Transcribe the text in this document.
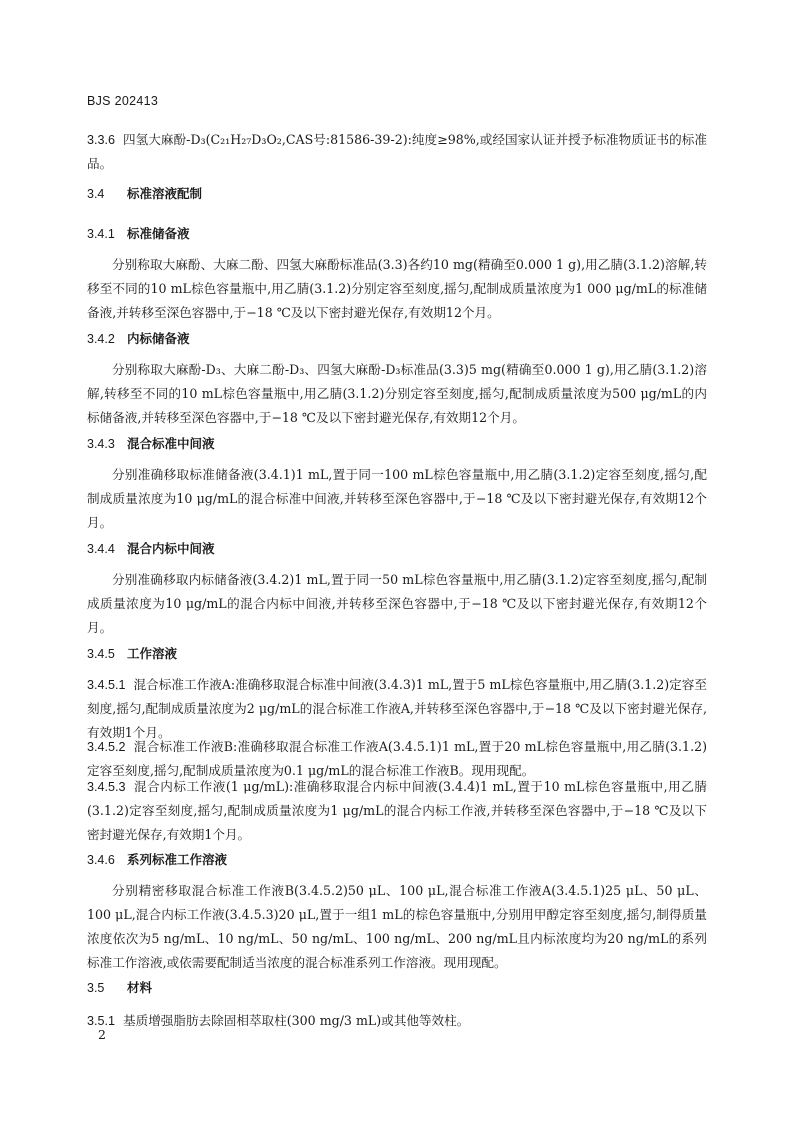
BJS 202413
3.3.6 四氢大麻酚-D₃(C₂₁H₂₇D₃O₂,CAS号:81586-39-2):纯度≥98%,或经国家认证并授予标准物质证书的标准品。
3.4 标准溶液配制
3.4.1 标准储备液
分别称取大麻酚、大麻二酚、四氢大麻酚标准品(3.3)各约10 mg(精确至0.000 1 g),用乙腈(3.1.2)溶解,转移至不同的10 mL棕色容量瓶中,用乙腈(3.1.2)分别定容至刻度,摇匀,配制成质量浓度为1 000 μg/mL的标准储备液,并转移至深色容器中,于−18 ℃及以下密封避光保存,有效期12个月。
3.4.2 内标储备液
分别称取大麻酚-D₃、大麻二酚-D₃、四氢大麻酚-D₃标准品(3.3)5 mg(精确至0.000 1 g),用乙腈(3.1.2)溶解,转移至不同的10 mL棕色容量瓶中,用乙腈(3.1.2)分别定容至刻度,摇匀,配制成质量浓度为500 μg/mL的内标储备液,并转移至深色容器中,于−18 ℃及以下密封避光保存,有效期12个月。
3.4.3 混合标准中间液
分别准确移取标准储备液(3.4.1)1 mL,置于同一100 mL棕色容量瓶中,用乙腈(3.1.2)定容至刻度,摇匀,配制成质量浓度为10 μg/mL的混合标准中间液,并转移至深色容器中,于−18 ℃及以下密封避光保存,有效期12个月。
3.4.4 混合内标中间液
分别准确移取内标储备液(3.4.2)1 mL,置于同一50 mL棕色容量瓶中,用乙腈(3.1.2)定容至刻度,摇匀,配制成质量浓度为10 μg/mL的混合内标中间液,并转移至深色容器中,于−18 ℃及以下密封避光保存,有效期12个月。
3.4.5 工作溶液
3.4.5.1 混合标准工作液A:准确移取混合标准中间液(3.4.3)1 mL,置于5 mL棕色容量瓶中,用乙腈(3.1.2)定容至刻度,摇匀,配制成质量浓度为2 μg/mL的混合标准工作液A,并转移至深色容器中,于−18 ℃及以下密封避光保存,有效期1个月。
3.4.5.2 混合标准工作液B:准确移取混合标准工作液A(3.4.5.1)1 mL,置于20 mL棕色容量瓶中,用乙腈(3.1.2)定容至刻度,摇匀,配制成质量浓度为0.1 μg/mL的混合标准工作液B。现用现配。
3.4.5.3 混合内标工作液(1 μg/mL):准确移取混合内标中间液(3.4.4)1 mL,置于10 mL棕色容量瓶中,用乙腈(3.1.2)定容至刻度,摇匀,配制成质量浓度为1 μg/mL的混合内标工作液,并转移至深色容器中,于−18 ℃及以下密封避光保存,有效期1个月。
3.4.6 系列标准工作溶液
分别精密移取混合标准工作液B(3.4.5.2)50 μL、100 μL,混合标准工作液A(3.4.5.1)25 μL、50 μL、100 μL,混合内标工作液(3.4.5.3)20 μL,置于一组1 mL的棕色容量瓶中,分别用甲醇定容至刻度,摇匀,制得质量浓度依次为5 ng/mL、10 ng/mL、50 ng/mL、100 ng/mL、200 ng/mL且内标浓度均为20 ng/mL的系列标准工作溶液,或依需要配制适当浓度的混合标准系列工作溶液。现用现配。
3.5 材料
3.5.1 基质增强脂肪去除固相萃取柱(300 mg/3 mL)或其他等效柱。
2
